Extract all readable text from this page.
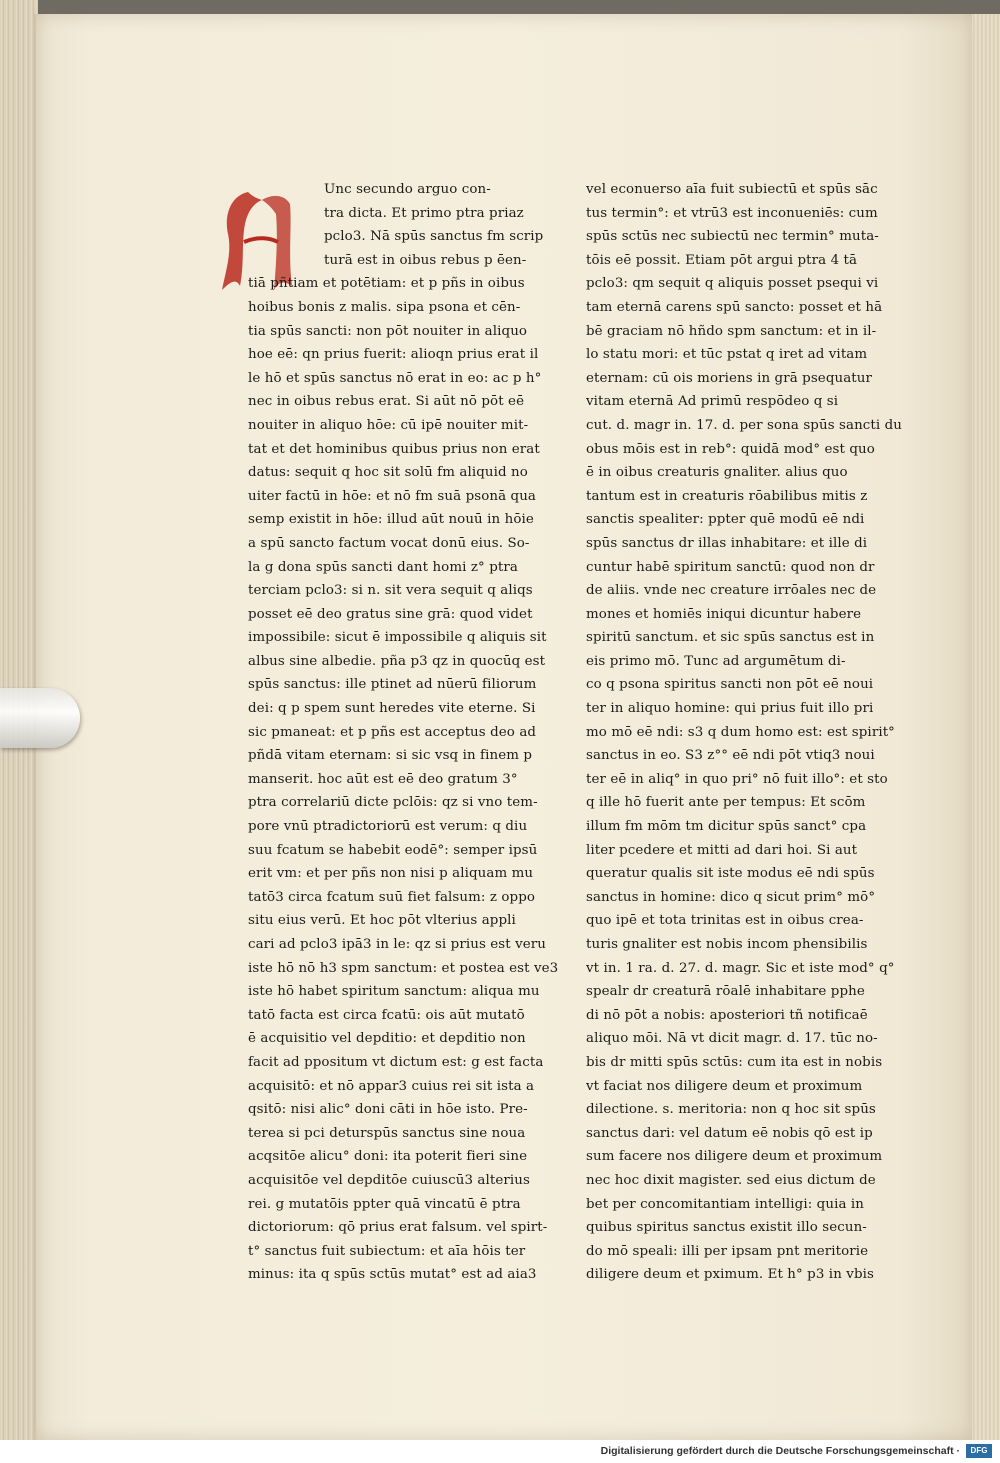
Unc secundo arguo con-
tra dicta. Et primo ptra priaz
pclo3. Nā spūs sanctus fm scrip
turā est in oibus rebus p ēen-
tiā pñtiam et potētiam: et p pñs in oibus
hoibus bonis z malis. sipa psona et cēn-
tia spūs sancti: non pōt nouiter in aliquo
hoe eē: qn prius fuerit: alioqn prius erat il
le hō et spūs sanctus nō erat in eo: ac p h°
nec in oibus rebus erat. Si aūt nō pōt eē
nouiter in aliquo hōe: cū ipē nouiter mit-
tat et det hominibus quibus prius non erat
datus: sequit q hoc sit solū fm aliquid no
uiter factū in hōe: et nō fm suā psonā qua
semp existit in hōe: illud aūt nouū in hōie
a spū sancto factum vocat donū eius. So-
la g dona spūs sancti dant homi z° ptra
terciam pclo3: si n. sit vera sequit q aliqs
posset eē deo gratus sine grā: quod videt
impossibile: sicut ē impossibile q aliquis sit
albus sine albedie. pña p3 qz in quocūq est
spūs sanctus: ille ptinet ad nūerū filiorum
dei: q p spem sunt heredes vite eterne. Si
sic pmaneat: et p pñs est acceptus deo ad
pñdā vitam eternam: si sic vsq in finem p
manserit. hoc aūt est eē deo gratum 3°
ptra correlariū dicte pclōis: qz si vno tem-
pore vnū ptradictoriorū est verum: q diu
suu fcatum se habebit eodē°: semper ipsū
erit vm: et per pñs non nisi p aliquam mu
tatō3 circa fcatum suū fiet falsum: z oppo
situ eius verū. Et hoc pōt vlterius appli
cari ad pclo3 ipā3 in le: qz si prius est veru
iste hō nō h3 spm sanctum: et postea est ve3
iste hō habet spiritum sanctum: aliqua mu
tatō facta est circa fcatū: ois aūt mutatō
ē acquisitio vel depditio: et depditio non
facit ad ppositum vt dictum est: g est facta
acquisitō: et nō appar3 cuius rei sit ista a
qsitō: nisi alic° doni cāti in hōe isto. Pre-
terea si pci deturspūs sanctus sine noua
acqsitōe alicu° doni: ita poterit fieri sine
acquisitōe vel depditōe cuiuscū3 alterius
rei. g mutatōis ppter quā vincatū ē ptra
dictoriorum: qō prius erat falsum. vel spirt-
t° sanctus fuit subiectum: et aīa hōis ter
minus: ita q spūs sctūs mutat° est ad aia3
vel econuerso aīa fuit subiectū et spūs sāc
tus termin°: et vtrū3 est inconueniēs: cum
spūs sctūs nec subiectū nec termin° muta-
tōis eē possit. Etiam pōt argui ptra 4 tā
pclo3: qm sequit q aliquis posset psequi vi
tam eternā carens spū sancto: posset et hā
bē graciam nō hñdo spm sanctum: et in il-
lo statu mori: et tūc pstat q iret ad vitam
eternam: cū ois moriens in grā psequatur
vitam eternā Ad primū respōdeo q si
cut. d. magr in. 17. d. per sona spūs sancti du
obus mōis est in reb°: quidā mod° est quo
ē in oibus creaturis gnaliter. alius quo
tantum est in creaturis rōabilibus mitis z
sanctis spealiter: ppter quē modū eē ndi
spūs sanctus dr illas inhabitare: et ille di
cuntur habē spiritum sanctū: quod non dr
de aliis. vnde nec creature irrōales nec de
mones et homiēs iniqui dicuntur habere
spiritū sanctum. et sic spūs sanctus est in
eis primo mō. Tunc ad argumētum di-
co q psona spiritus sancti non pōt eē noui
ter in aliquo homine: qui prius fuit illo pri
mo mō eē ndi: s3 q dum homo est: est spirit°
sanctus in eo. S3 z°° eē ndi pōt vtiq3 noui
ter eē in aliq° in quo pri° nō fuit illo°: et sto
q ille hō fuerit ante per tempus: Et scōm
illum fm mōm tm dicitur spūs sanct° cpa
liter pcedere et mitti ad dari hoi. Si aut
queratur qualis sit iste modus eē ndi spūs
sanctus in homine: dico q sicut prim° mō°
quo ipē et tota trinitas est in oibus crea-
turis gnaliter est nobis incom phensibilis
vt in. 1 ra. d. 27. d. magr. Sic et iste mod° q°
spealr dr creaturā rōalē inhabitare pphe
di nō pōt a nobis: aposteriori tñ notificaē
aliquo mōi. Nā vt dicit magr. d. 17. tūc no-
bis dr mitti spūs sctūs: cum ita est in nobis
vt faciat nos diligere deum et proximum
dilectione. s. meritoria: non q hoc sit spūs
sanctus dari: vel datum eē nobis qō est ip
sum facere nos diligere deum et proximum
nec hoc dixit magister. sed eius dictum de
bet per concomitantiam intelligi: quia in
quibus spiritus sanctus existit illo secun-
do mō speali: illi per ipsam pnt meritorie
diligere deum et pximum. Et h° p3 in vbis
Digitalisierung gefördert durch die Deutsche Forschungsgemeinschaft ·	DFG
